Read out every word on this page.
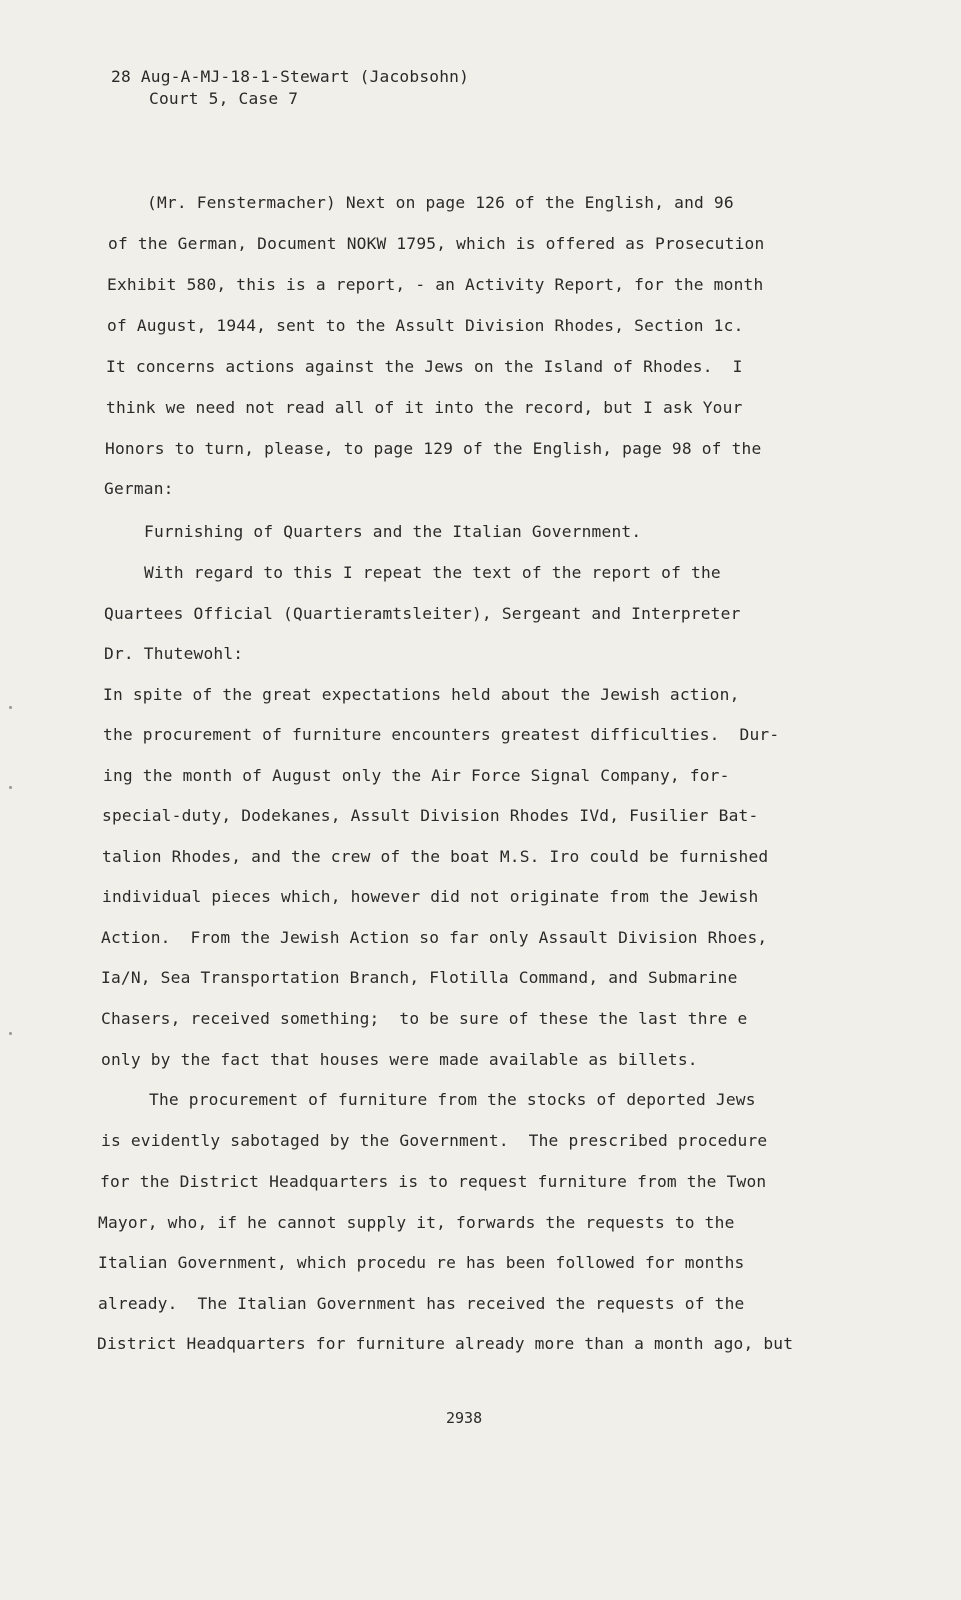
28 Aug-A-MJ-18-1-Stewart (Jacobsohn)
Court 5, Case 7
(Mr. Fenstermacher) Next on page 126 of the English, and 96
of the German, Document NOKW 1795, which is offered as Prosecution
Exhibit 580, this is a report, - an Activity Report, for the month
of August, 1944, sent to the Assult Division Rhodes, Section 1c.
It concerns actions against the Jews on the Island of Rhodes.  I
think we need not read all of it into the record, but I ask Your
Honors to turn, please, to page 129 of the English, page 98 of the
German:
Furnishing of Quarters and the Italian Government.
With regard to this I repeat the text of the report of the
Quartees Official (Quartieramtsleiter), Sergeant and Interpreter
Dr. Thutewohl:
In spite of the great expectations held about the Jewish action,
the procurement of furniture encounters greatest difficulties.  Dur-
ing the month of August only the Air Force Signal Company, for-
special-duty, Dodekanes, Assult Division Rhodes IVd, Fusilier Bat-
talion Rhodes, and the crew of the boat M.S. Iro could be furnished
individual pieces which, however did not originate from the Jewish
Action.  From the Jewish Action so far only Assault Division Rhoes,
Ia/N, Sea Transportation Branch, Flotilla Command, and Submarine
Chasers, received something;  to be sure of these the last thre e
only by the fact that houses were made available as billets.
The procurement of furniture from the stocks of deported Jews
is evidently sabotaged by the Government.  The prescribed procedure
for the District Headquarters is to request furniture from the Twon
Mayor, who, if he cannot supply it, forwards the requests to the
Italian Government, which procedu re has been followed for months
already.  The Italian Government has received the requests of the
District Headquarters for furniture already more than a month ago, but
2938
